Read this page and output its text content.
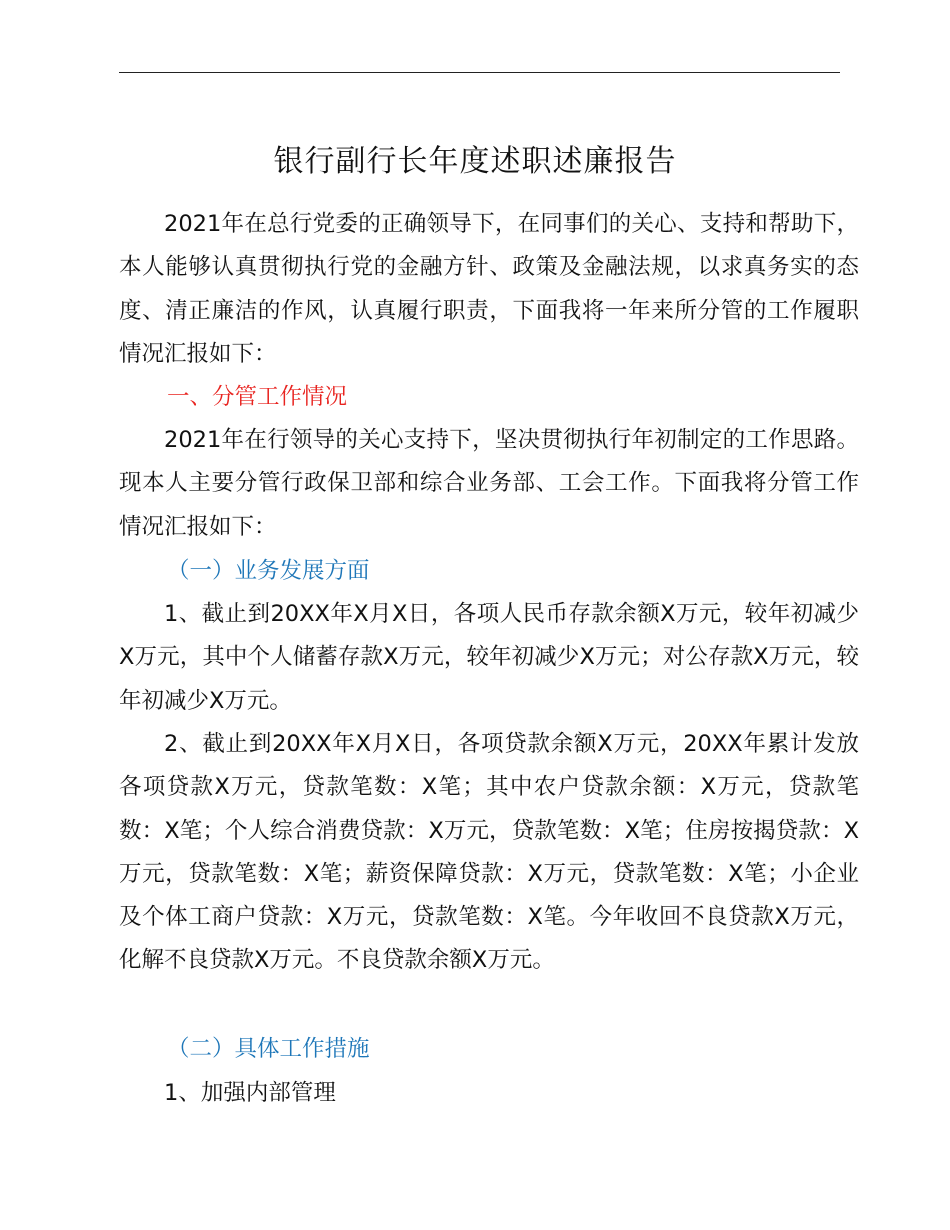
银行副行长年度述职述廉报告

2021年在总行党委的正确领导下，在同事们的关心、支持和帮助下，本人能够认真贯彻执行党的金融方针、政策及金融法规，以求真务实的态度、清正廉洁的作风，认真履行职责，下面我将一年来所分管的工作履职情况汇报如下：

一、分管工作情况

2021年在行领导的关心支持下，坚决贯彻执行年初制定的工作思路。现本人主要分管行政保卫部和综合业务部、工会工作。下面我将分管工作情况汇报如下：

（一）业务发展方面

1、截止到20XX年X月X日，各项人民币存款余额X万元，较年初减少X万元，其中个人储蓄存款X万元，较年初减少X万元；对公存款X万元，较年初减少X万元。

2、截止到20XX年X月X日，各项贷款余额X万元，20XX年累计发放各项贷款X万元，贷款笔数：X笔；其中农户贷款余额：X万元，贷款笔数：X笔；个人综合消费贷款：X万元，贷款笔数：X笔；住房按揭贷款：X万元，贷款笔数：X笔；薪资保障贷款：X万元，贷款笔数：X笔；小企业及个体工商户贷款：X万元，贷款笔数：X笔。今年收回不良贷款X万元，化解不良贷款X万元。不良贷款余额X万元。

（二）具体工作措施

1、加强内部管理
